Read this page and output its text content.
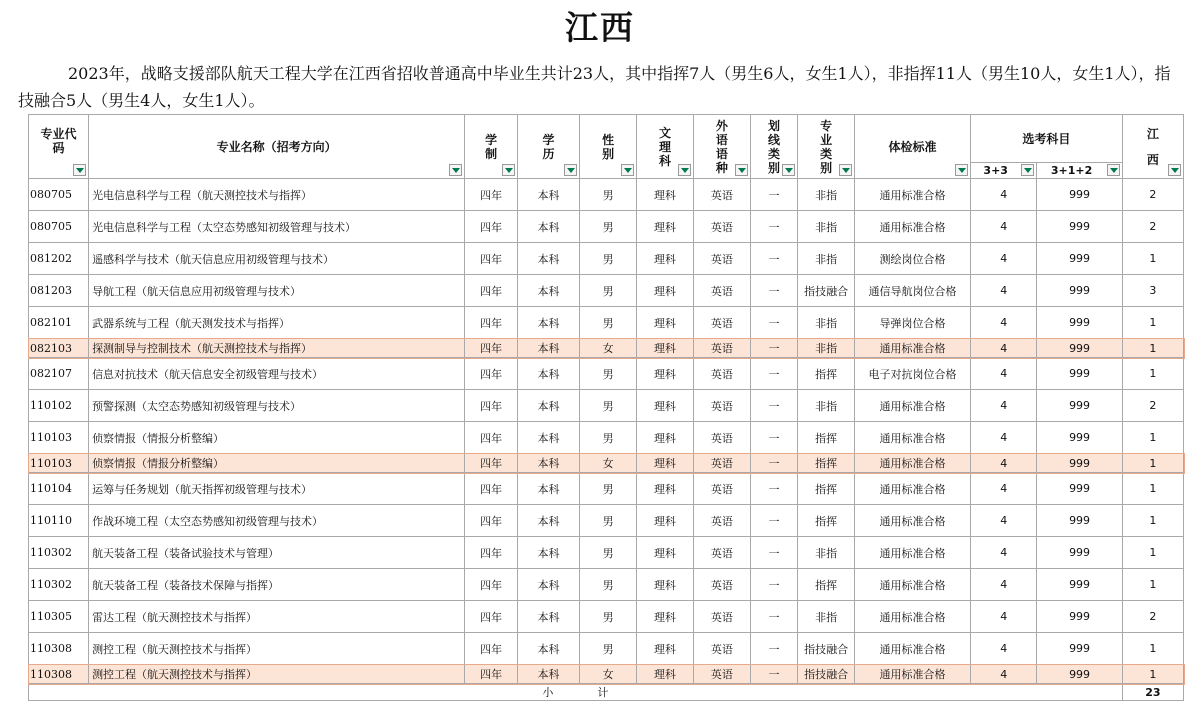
江西
2023年，战略支援部队航天工程大学在江西省招收普通高中毕业生共计23人，其中指挥7人（男生6人，女生1人），非指挥11人（男生10人，女生1人），指技融合5人（男生4人，女生1人）。
专业代码	专业名称（招考方向）	学制	学历	性别	文理科	外语语种	划线类别	专业类别	体检标准	选考科目		江西

										3+3	3+1+2	

080705	光电信息科学与工程（航天测控技术与指挥）	四年	本科	男	理科	英语	一	非指	通用标准合格	4	999	2
080705	光电信息科学与工程（太空态势感知初级管理与技术）	四年	本科	男	理科	英语	一	非指	通用标准合格	4	999	2
081202	遥感科学与技术（航天信息应用初级管理与技术）	四年	本科	男	理科	英语	一	非指	测绘岗位合格	4	999	1
081203	导航工程（航天信息应用初级管理与技术）	四年	本科	男	理科	英语	一	指技融合	通信导航岗位合格	4	999	3
082101	武器系统与工程（航天测发技术与指挥）	四年	本科	男	理科	英语	一	非指	导弹岗位合格	4	999	1
082103	探测制导与控制技术（航天测控技术与指挥）	四年	本科	女	理科	英语	一	非指	通用标准合格	4	999	1
082107	信息对抗技术（航天信息安全初级管理与技术）	四年	本科	男	理科	英语	一	指挥	电子对抗岗位合格	4	999	1
110102	预警探测（太空态势感知初级管理与技术）	四年	本科	男	理科	英语	一	非指	通用标准合格	4	999	2
110103	侦察情报（情报分析整编）	四年	本科	男	理科	英语	一	指挥	通用标准合格	4	999	1
110103	侦察情报（情报分析整编）	四年	本科	女	理科	英语	一	指挥	通用标准合格	4	999	1
110104	运筹与任务规划（航天指挥初级管理与技术）	四年	本科	男	理科	英语	一	指挥	通用标准合格	4	999	1
110110	作战环境工程（太空态势感知初级管理与技术）	四年	本科	男	理科	英语	一	指挥	通用标准合格	4	999	1
110302	航天装备工程（装备试验技术与管理）	四年	本科	男	理科	英语	一	非指	通用标准合格	4	999	1
110302	航天装备工程（装备技术保障与指挥）	四年	本科	男	理科	英语	一	指挥	通用标准合格	4	999	1
110305	雷达工程（航天测控技术与指挥）	四年	本科	男	理科	英语	一	非指	通用标准合格	4	999	2
110308	测控工程（航天测控技术与指挥）	四年	本科	男	理科	英语	一	指技融合	通用标准合格	4	999	1
110308	测控工程（航天测控技术与指挥）	四年	本科	女	理科	英语	一	指技融合	通用标准合格	4	999	1
小 计												23
